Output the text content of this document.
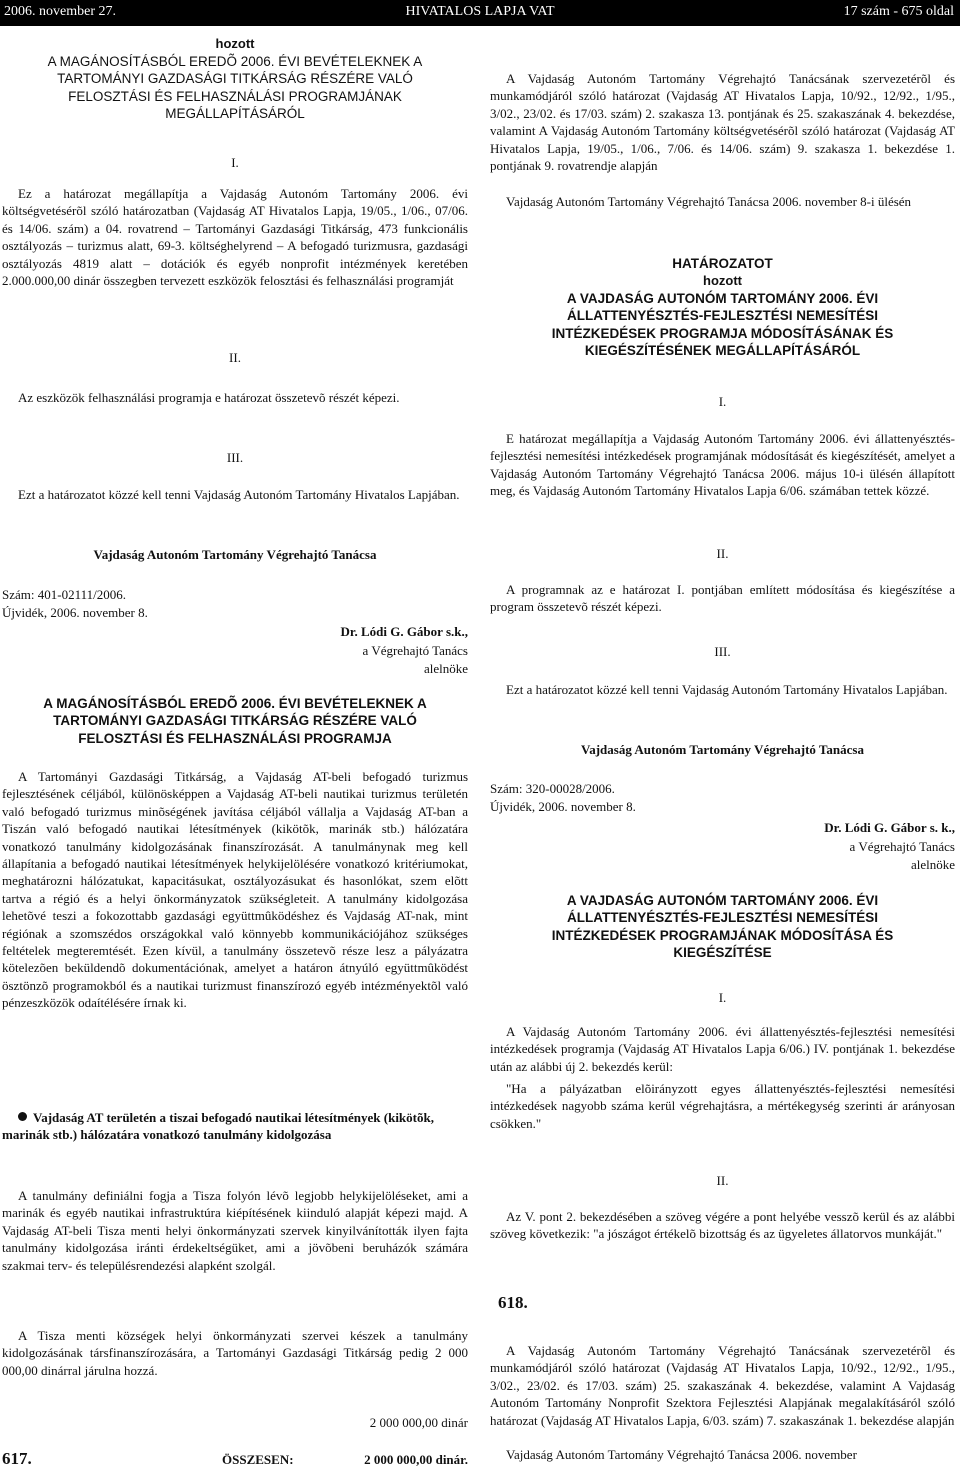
2006. november 27.	HIVATALOS LAPJA VAT	17 szám - 675 oldal
hozott
A MAGÁNOSÍTÁSBÓL EREDÕ 2006. ÉVI BEVÉTELEKNEK A TARTOMÁNYI GAZDASÁGI TITKÁRSÁG RÉSZÉRE VALÓ FELOSZTÁSI ÉS FELHASZNÁLÁSI PROGRAMJÁNAK MEGÁLLAPÍTÁSÁRÓL
I.
Ez a határozat megállapítja a Vajdaság Autonóm Tartomány 2006. évi költségvetésérõl szóló határozatban (Vajdaság AT Hivatalos Lapja, 19/05., 1/06., 07/06. és 14/06. szám) a 04. rovatrend – Tartományi Gazdasági Titkárság, 473 funkcionális osztályozás – turizmus alatt, 69-3. költséghelyrend – A befogadó turizmusra, gazdasági osztályozás 4819 alatt – dotációk és egyéb nonprofit intézmények keretében 2.000.000,00 dinár összegben tervezett eszközök felosztási és felhasználási programját
II.
Az eszközök felhasználási programja e határozat összetevõ részét képezi.
III.
Ezt a határozatot közzé kell tenni Vajdaság Autonóm Tartomány Hivatalos Lapjában.
Vajdaság Autonóm Tartomány Végrehajtó Tanácsa
Szám: 401-02111/2006.
Újvidék, 2006. november 8.
Dr. Lódi G. Gábor s.k.,
a Végrehajtó Tanács
alelnöke
A MAGÁNOSÍTÁSBÓL EREDÕ 2006. ÉVI BEVÉTELEKNEK A TARTOMÁNYI GAZDASÁGI TITKÁRSÁG RÉSZÉRE VALÓ FELOSZTÁSI ÉS FELHASZNÁLÁSI PROGRAMJA
A Tartományi Gazdasági Titkárság, a Vajdaság AT-beli befogadó turizmus fejlesztésének céljából, különösképpen a Vajdaság AT-beli nautikai turizmus területén való befogadó turizmus minõségének javítása céljából vállalja a Vajdaság AT-ban a Tiszán való befogadó nautikai létesítmények (kikötõk, marinák stb.) hálózatára vonatkozó tanulmány kidolgozásának finanszírozását. A tanulmánynak meg kell állapítania a befogadó nautikai létesítmények helykijelölésére vonatkozó kritériumokat, meghatározni hálózatukat, kapacitásukat, osztályozásukat és hasonlókat, szem elõtt tartva a régió és a helyi önkormányzatok szükségleteit. A tanulmány kidolgozása lehetõvé teszi a fokozottabb gazdasági együttmûködéshez és Vajdaság AT-nak, mint régiónak a szomszédos országokkal való könnyebb kommunikációjához szükséges feltételek megteremtését. Ezen kívül, a tanulmány összetevõ része lesz a pályázatra kötelezõen beküldendõ dokumentációnak, amelyet a határon átnyúló együttmûködést ösztönzõ programokból és a nautikai turizmust finanszírozó egyéb intézményektõl való pénzeszközök odaítélésére írnak ki.
Vajdaság AT területén a tiszai befogadó nautikai létesítmények (kikötõk, marinák stb.) hálózatára vonatkozó tanulmány kidolgozása
A tanulmány definiálni fogja a Tisza folyón lévõ legjobb helykijelöléseket, ami a marinák és egyéb nautikai infrastruktúra kiépítésének kiinduló alapját képezi majd. A Vajdaság AT-beli Tisza menti helyi önkormányzati szervek kinyilvánították ilyen fajta tanulmány kidolgozása iránti érdekeltségüket, ami a jövõbeni beruházók számára szakmai terv- és településrendezési alapként szolgál.
A Tisza menti községek helyi önkormányzati szervei készek a tanulmány kidolgozásának társfinanszírozására, a Tartományi Gazdasági Titkárság pedig 2 000 000,00 dinárral járulna hozzá.
2 000 000,00 dinár
ÖSSZESEN:	2 000 000,00 dinár.
617.
A Vajdaság Autonóm Tartomány Végrehajtó Tanácsának szervezetérõl és munkamódjáról szóló határozat (Vajdaság AT Hivatalos Lapja, 10/92., 12/92., 1/95., 3/02., 23/02. és 17/03. szám) 2. szakasza 13. pontjának és 25. szakaszának 4. bekezdése, valamint A Vajdaság Autonóm Tartomány költségvetésérõl szóló határozat (Vajdaság AT Hivatalos Lapja, 19/05., 1/06., 7/06. és 14/06. szám) 9. szakasza 1. bekezdése 1. pontjának 9. rovatrendje alapján
Vajdaság Autonóm Tartomány Végrehajtó Tanácsa 2006. november 8-i ülésén
HATÁROZATOT
hozott
A VAJDASÁG AUTONÓM TARTOMÁNY 2006. ÉVI ÁLLATTENYÉSZTÉS-FEJLESZTÉSI NEMESÍTÉSI INTÉZKEDÉSEK PROGRAMJA MÓDOSÍTÁSÁNAK ÉS KIEGÉSZÍTÉSÉNEK MEGÁLLAPÍTÁSÁRÓL
I.
E határozat megállapítja a Vajdaság Autonóm Tartomány 2006. évi állattenyésztés-fejlesztési nemesítési intézkedések programjának módosítását és kiegészítését, amelyet a Vajdaság Autonóm Tartomány Végrehajtó Tanácsa 2006. május 10-i ülésén állapított meg, és Vajdaság Autonóm Tartomány Hivatalos Lapja 6/06. számában tettek közzé.
II.
A programnak az e határozat I. pontjában említett módosítása és kiegészítése a program összetevõ részét képezi.
III.
Ezt a határozatot közzé kell tenni Vajdaság Autonóm Tartomány Hivatalos Lapjában.
Vajdaság Autonóm Tartomány Végrehajtó Tanácsa
Szám: 320-00028/2006.
Újvidék, 2006. november 8.
Dr. Lódi G. Gábor s. k.,
a Végrehajtó Tanács
alelnöke
A VAJDASÁG AUTONÓM TARTOMÁNY 2006. ÉVI ÁLLATTENYÉSZTÉS-FEJLESZTÉSI NEMESÍTÉSI INTÉZKEDÉSEK PROGRAMJÁNAK MÓDOSÍTÁSA ÉS KIEGÉSZÍTÉSE
I.
A Vajdaság Autonóm Tartomány 2006. évi állattenyésztés-fejlesztési nemesítési intézkedések programja (Vajdaság AT Hivatalos Lapja 6/06.) IV. pontjának 1. bekezdése után az alábbi új 2. bekezdés kerül:
"Ha a pályázatban elõirányzott egyes állattenyésztés-fejlesztési nemesítési intézkedések nagyobb száma kerül végrehajtásra, a mértékegység szerinti ár arányosan csökken."
II.
Az V. pont 2. bekezdésében a szöveg végére a pont helyébe vesszõ kerül és az alábbi szöveg következik: "a jószágot értékelõ bizottság és az ügyeletes állatorvos munkáját."
618.
A Vajdaság Autonóm Tartomány Végrehajtó Tanácsának szervezetérõl és munkamódjáról szóló határozat (Vajdaság AT Hivatalos Lapja, 10/92., 12/92., 1/95., 3/02., 23/02. és 17/03. szám) 25. szakaszának 4. bekezdése, valamint A Vajdaság Autonóm Tartomány Nonprofit Szektora Fejlesztési Alapjának megalakításáról szóló határozat (Vajdaság AT Hivatalos Lapja, 6/03. szám) 7. szakaszának 1. bekezdése alapján
Vajdaság Autonóm Tartomány Végrehajtó Tanácsa 2006. november
